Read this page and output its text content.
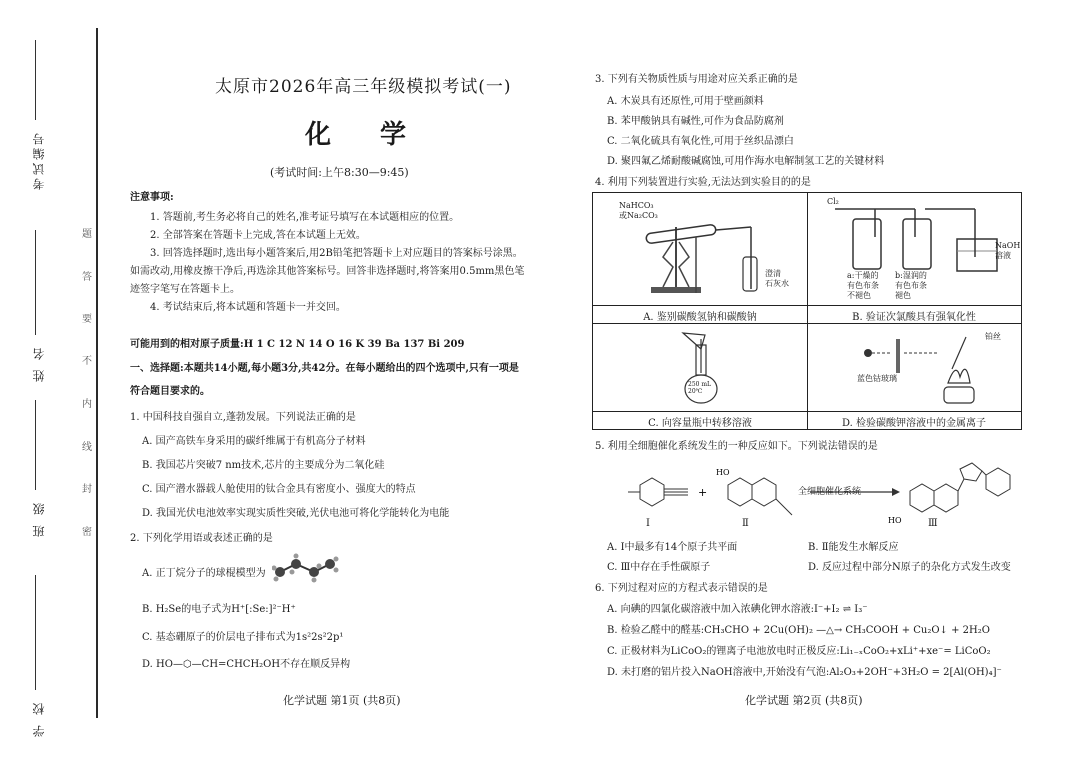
考试编号
姓 名
班 级
学 校
题
答
要
不
内
线
封
密
太原市2026年高三年级模拟考试(一)
化 学
(考试时间:上午8:30—9:45)
注意事项:
1. 答题前,考生务必将自己的姓名,准考证号填写在本试题相应的位置。
2. 全部答案在答题卡上完成,答在本试题上无效。
3. 回答选择题时,选出每小题答案后,用2B铅笔把答题卡上对应题目的答案标号涂黑。
如需改动,用橡皮擦干净后,再选涂其他答案标号。回答非选择题时,将答案用0.5mm黑色笔
迹签字笔写在答题卡上。
4. 考试结束后,将本试题和答题卡一并交回。
可能用到的相对原子质量:H 1 C 12 N 14 O 16 K 39 Ba 137 Bi 209
一、选择题:本题共14小题,每小题3分,共42分。在每小题给出的四个选项中,只有一项是
符合题目要求的。
1. 中国科技自强自立,蓬勃发展。下列说法正确的是
A. 国产高铁车身采用的碳纤维属于有机高分子材料
B. 我国芯片突破7 nm技术,芯片的主要成分为二氧化硅
C. 国产潜水器载人舱使用的钛合金具有密度小、强度大的特点
D. 我国光伏电池效率实现实质性突破,光伏电池可将化学能转化为电能
2. 下列化学用语或表述正确的是
A. 正丁烷分子的球棍模型为
B. H₂Se的电子式为H⁺[:Se:]²⁻H⁺
C. 基态硼原子的价层电子排布式为1s²2s²2p¹
D. HO—⬡—CH=CHCH₂OH不存在顺反异构
化学试题 第1页 (共8页)
3. 下列有关物质性质与用途对应关系正确的是
A. 木炭具有还原性,可用于壁画颜料
B. 苯甲酸钠具有碱性,可作为食品防腐剂
C. 二氧化硫具有氧化性,可用于丝织品漂白
D. 聚四氟乙烯耐酸碱腐蚀,可用作海水电解制氢工艺的关键材料
4. 利用下列装置进行实验,无法达到实验目的的是
NaHCO₃
或Na₂CO₃
澄清
石灰水
A. 鉴别碳酸氢钠和碳酸钠
Cl₂
NaOH
溶液
a:干燥的
有色布条
不褪色
b:湿润的
有色布条
褪色
B. 验证次氯酸具有强氧化性
250 mL
20℃
C. 向容量瓶中转移溶液
铂丝
蓝色钴玻璃
D. 检验碳酸钾溶液中的金属离子
5. 利用全细胞催化系统发生的一种反应如下。下列说法错误的是
+
HO
HO
全细胞催化系统
Ⅰ	Ⅱ	Ⅲ
A. Ⅰ中最多有14个原子共平面	B. Ⅱ能发生水解反应
C. Ⅲ中存在手性碳原子	D. 反应过程中部分N原子的杂化方式发生改变
6. 下列过程对应的方程式表示错误的是
A. 向碘的四氯化碳溶液中加入浓碘化钾水溶液:I⁻+I₂ ⇌ I₃⁻
B. 检验乙醛中的醛基:CH₃CHO + 2Cu(OH)₂ —△→ CH₃COOH + Cu₂O↓ + 2H₂O
C. 正极材料为LiCoO₂的锂离子电池放电时正极反应:Li₁₋ₓCoO₂+xLi⁺+xe⁻= LiCoO₂
D. 未打磨的铝片投入NaOH溶液中,开始没有气泡:Al₂O₃+2OH⁻+3H₂O = 2[Al(OH)₄]⁻
化学试题 第2页 (共8页)
